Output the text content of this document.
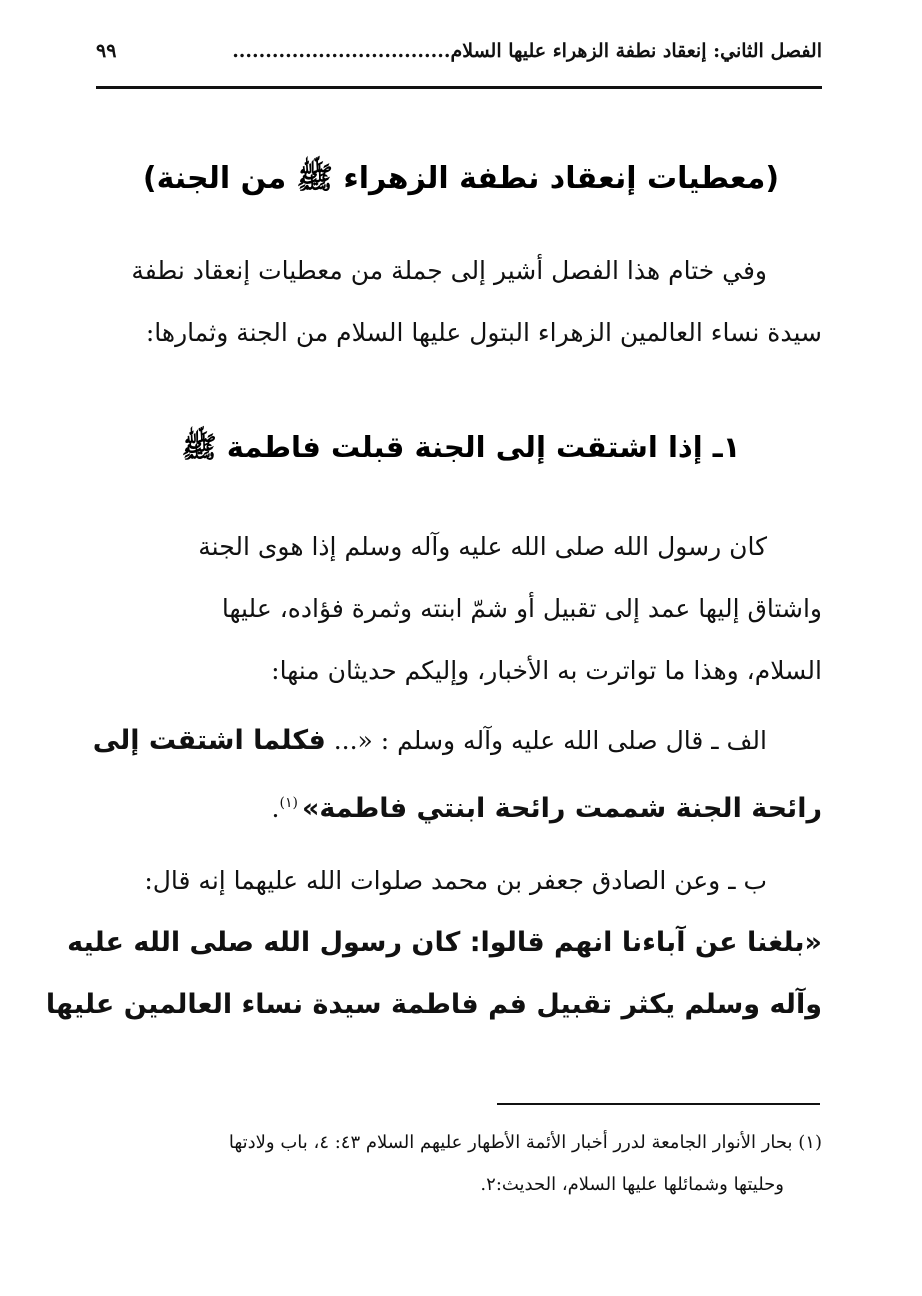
الفصل الثاني: إنعقاد نطفة الزهراء عليها السلام.................................
٩٩
(معطيات إنعقاد نطفة الزهراء ﷺ من الجنة)
وفي ختام هذا الفصل أشير إلى جملة من معطيات إنعقاد نطفة
سيدة نساء العالمين الزهراء البتول عليها السلام من الجنة وثمارها:
١ـ إذا اشتقت إلى الجنة قبلت فاطمة ﷺ
كان رسول الله صلى الله عليه وآله وسلم إذا هوى الجنة
واشتاق إليها عمد إلى تقبيل أو شمّ ابنته وثمرة فؤاده، عليها
السلام، وهذا ما تواترت به الأخبار، وإليكم حديثان منها:
الف ـ قال صلى الله عليه وآله وسلم : «... فكلما اشتقت إلى
رائحة الجنة شممت رائحة ابنتي فاطمة»$^{(١)}$.
ب ـ وعن الصادق جعفر بن محمد صلوات الله عليهما إنه قال:
«بلغنا عن آباءنا انهم قالوا: كان رسول الله صلى الله عليه
وآله وسلم يكثر تقبيل فم فاطمة سيدة نساء العالمين عليها
(١) بحار الأنوار الجامعة لدرر أخبار الأئمة الأطهار عليهم السلام ٤٣: ٤، باب ولادتها
وحليتها وشمائلها عليها السلام، الحديث:٢.
